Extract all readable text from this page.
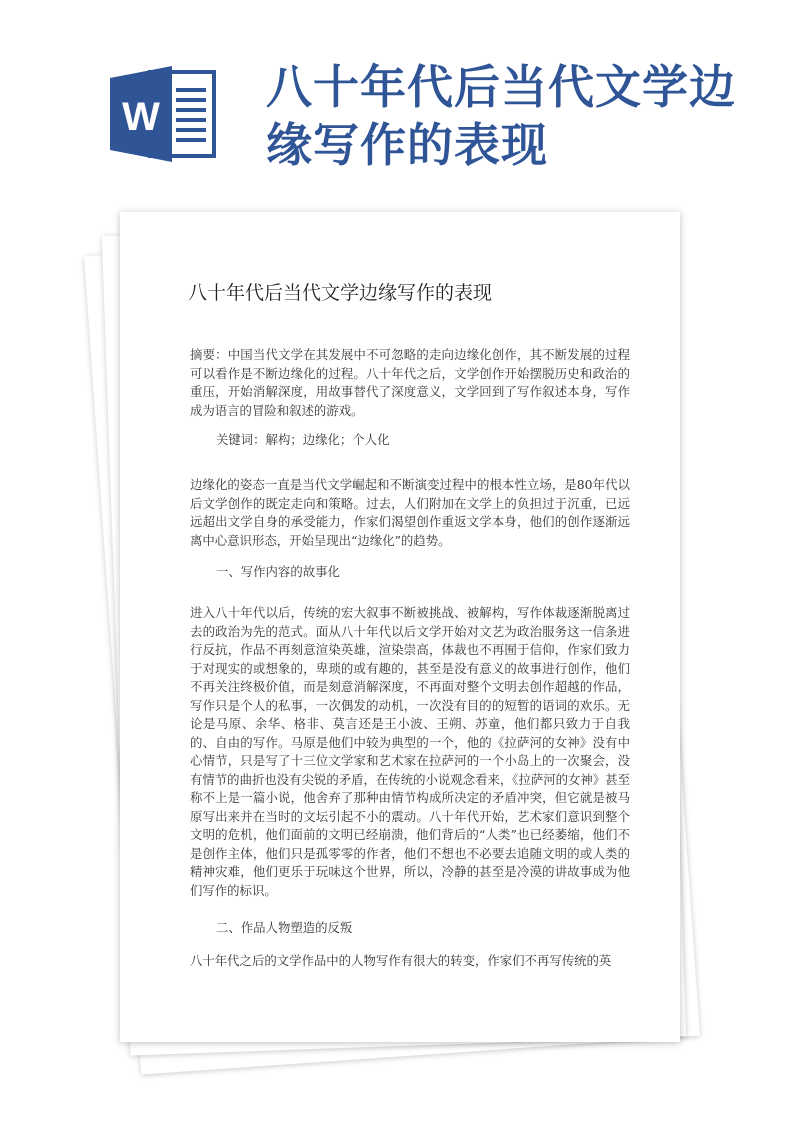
W
八十年代后当代文学边缘写作的表现
八十年代后当代文学边缘写作的表现

摘要：中国当代文学在其发展中不可忽略的走向边缘化创作，其不断发展的过程可以看作是不断边缘化的过程。八十年代之后，文学创作开始摆脱历史和政治的重压，开始消解深度，用故事替代了深度意义，文学回到了写作叙述本身，写作成为语言的冒险和叙述的游戏。

关键词：解构；边缘化；个人化

边缘化的姿态一直是当代文学崛起和不断演变过程中的根本性立场，是80年代以后文学创作的既定走向和策略。过去，人们附加在文学上的负担过于沉重，已远远超出文学自身的承受能力，作家们渴望创作重返文学本身，他们的创作逐渐远离中心意识形态，开始呈现出“边缘化”的趋势。

一、写作内容的故事化

进入八十年代以后，传统的宏大叙事不断被挑战、被解构，写作体裁逐渐脱离过去的政治为先的范式。面从八十年代以后文学开始对文艺为政治服务这一信条进行反抗，作品不再刻意渲染英雄，渲染崇高，体裁也不再囿于信仰，作家们致力于对现实的或想象的，卑琐的或有趣的，甚至是没有意义的故事进行创作，他们不再关注终极价值，而是刻意消解深度，不再面对整个文明去创作超越的作品，写作只是个人的私事，一次偶发的动机，一次没有目的的短暂的语词的欢乐。无论是马原、余华、格非、莫言还是王小波、王朔、苏童，他们都只致力于自我的、自由的写作。马原是他们中较为典型的一个，他的《拉萨河的女神》没有中心情节，只是写了十三位文学家和艺术家在拉萨河的一个小岛上的一次聚会，没有情节的曲折也没有尖锐的矛盾，在传统的小说观念看来，《拉萨河的女神》甚至称不上是一篇小说，他舍弃了那种由情节构成所决定的矛盾冲突，但它就是被马原写出来并在当时的文坛引起不小的震动。八十年代开始，艺术家们意识到整个文明的危机，他们面前的文明已经崩溃，他们背后的“人类”也已经萎缩，他们不是创作主体，他们只是孤零零的作者，他们不想也不必要去追随文明的或人类的精神灾难，他们更乐于玩味这个世界，所以，冷静的甚至是冷漠的讲故事成为他们写作的标识。

二、作品人物塑造的反叛

八十年代之后的文学作品中的人物写作有很大的转变，作家们不再写传统的英
